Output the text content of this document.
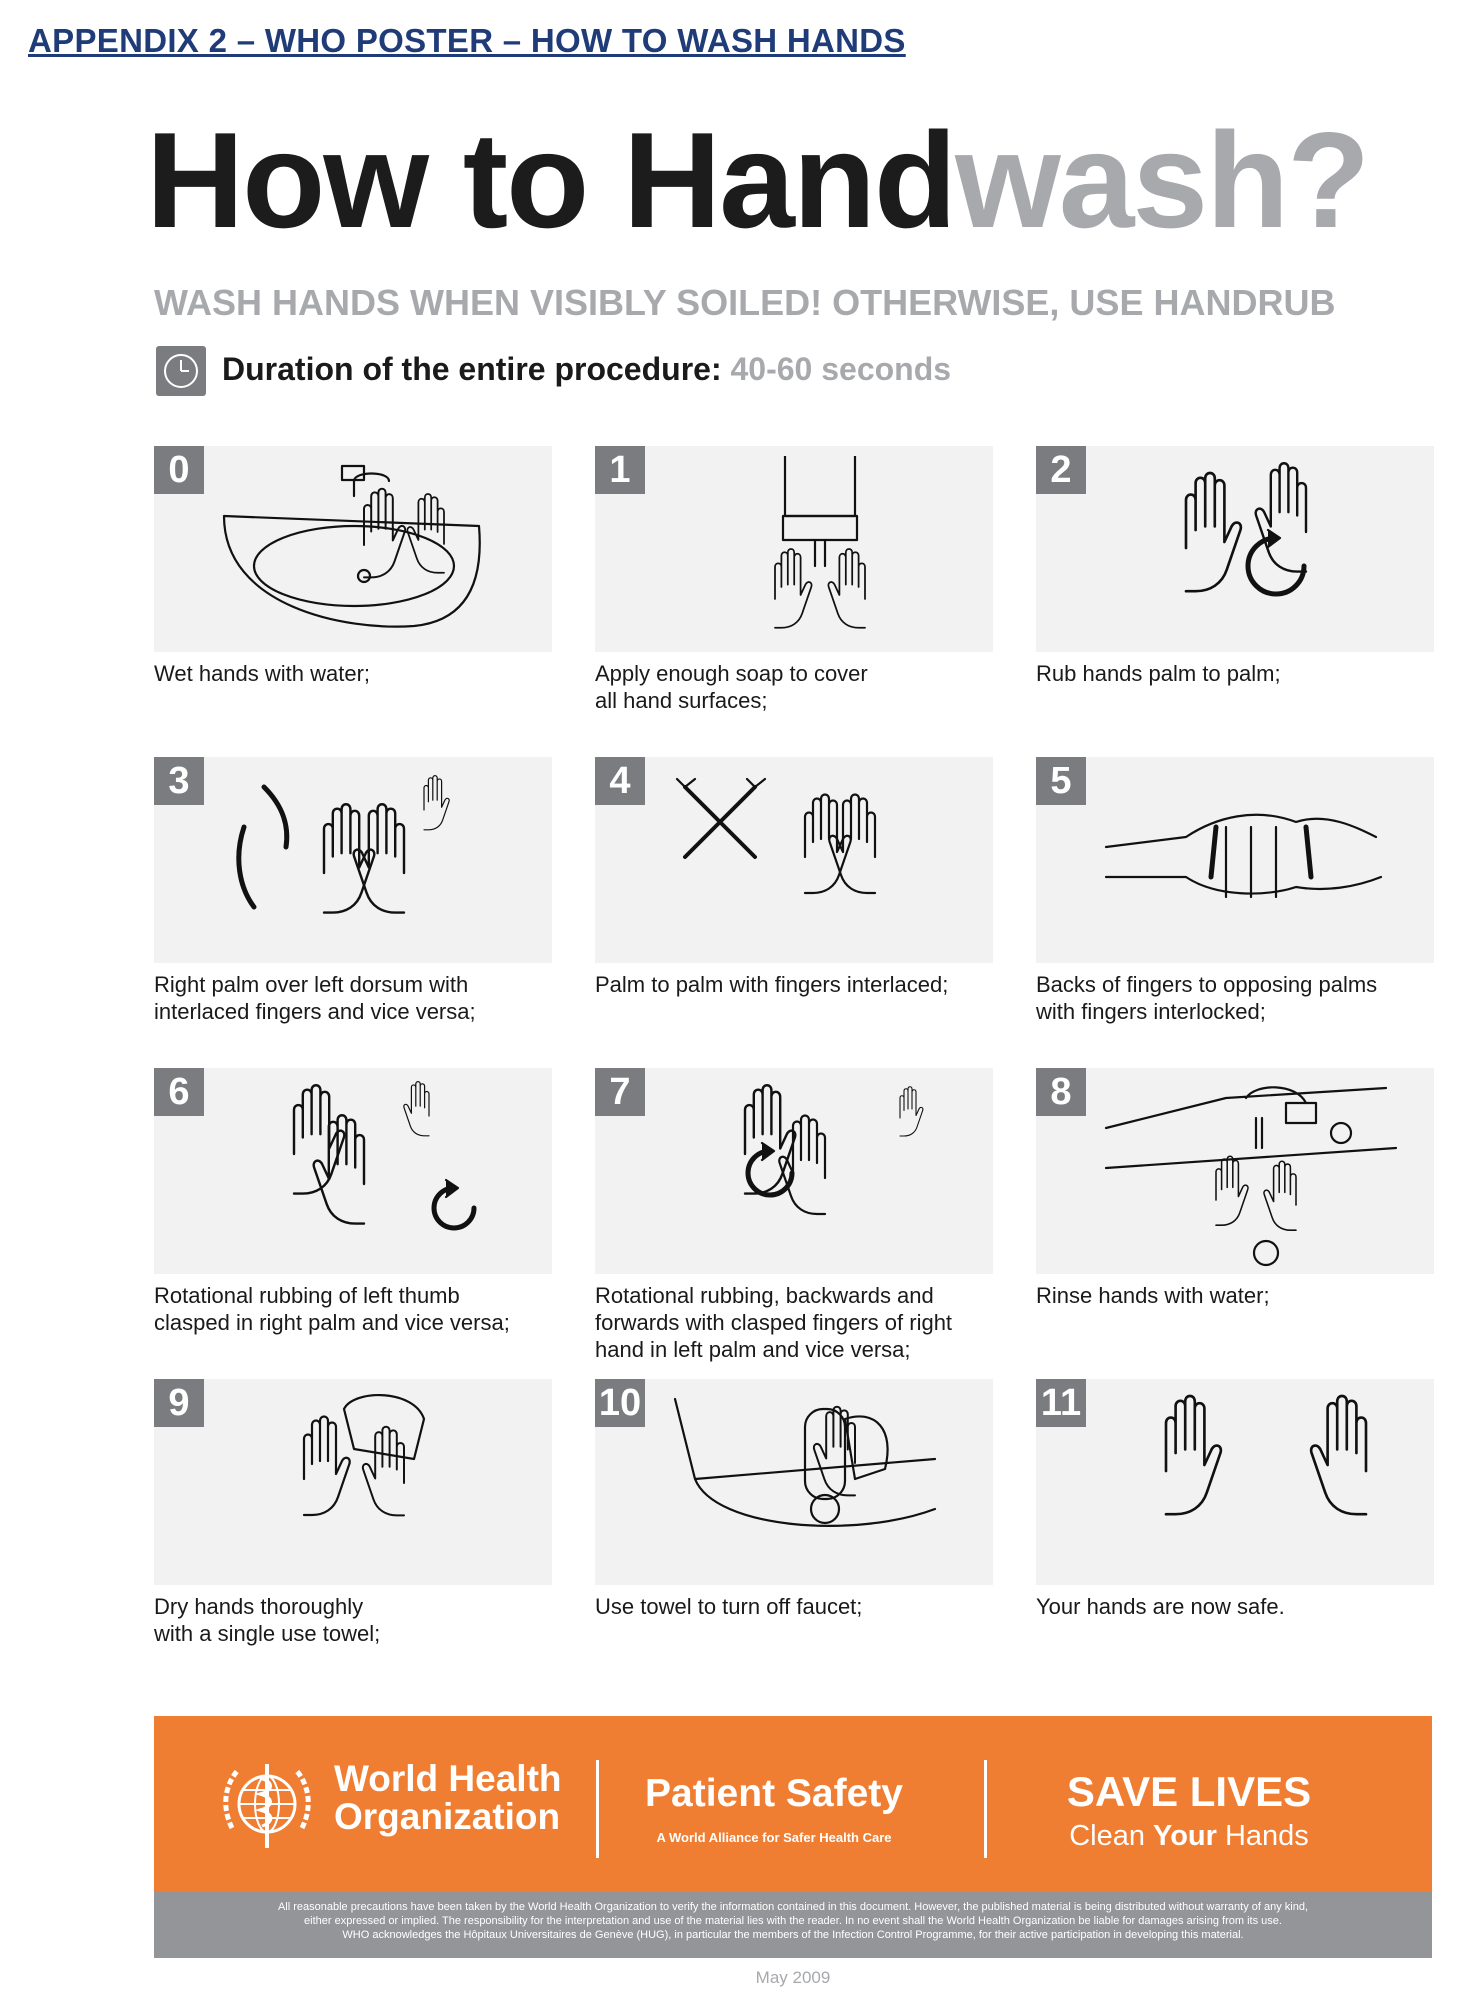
APPENDIX 2 – WHO POSTER – HOW TO WASH HANDS
How to Handwash?
WASH HANDS WHEN VISIBLY SOILED! OTHERWISE, USE HANDRUB
Duration of the entire procedure: 40-60 seconds
0
Wet hands with water;
1
Apply enough soap to cover
all hand surfaces;
2
Rub hands palm to palm;
3
Right palm over left dorsum with
interlaced fingers and vice versa;
4
Palm to palm with fingers interlaced;
5
Backs of fingers to opposing palms
with fingers interlocked;
6
Rotational rubbing of left thumb
clasped in right palm and vice versa;
7
Rotational rubbing, backwards and
forwards with clasped fingers of right
hand in left palm and vice versa;
8
Rinse hands with water;
9
Dry hands thoroughly
with a single use towel;
10
Use towel to turn off faucet;
11
Your hands are now safe.
World Health
Organization
Patient Safety
A World Alliance for Safer Health Care
SAVE LIVES
Clean Your Hands
All reasonable precautions have been taken by the World Health Organization to verify the information contained in this document. However, the published material is being distributed without warranty of any kind,
either expressed or implied. The responsibility for the interpretation and use of the material lies with the reader. In no event shall the World Health Organization be liable for damages arising from its use.
WHO acknowledges the Hôpitaux Universitaires de Genève (HUG), in particular the members of the Infection Control Programme, for their active participation in developing this material.
May 2009
